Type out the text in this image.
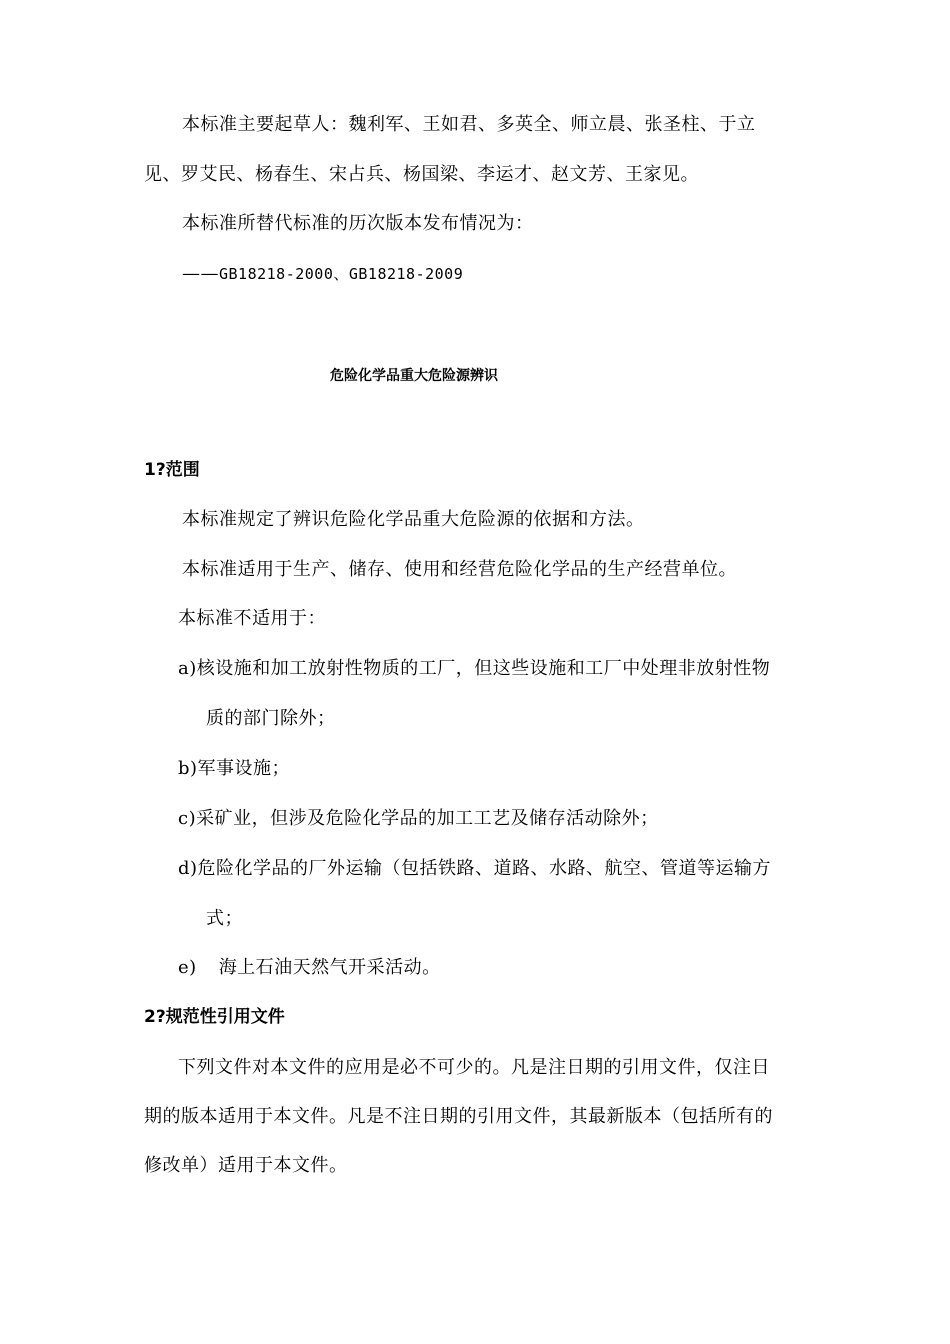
本标准主要起草人：魏利军、王如君、多英全、师立晨、张圣柱、于立
见、罗艾民、杨春生、宋占兵、杨国梁、李运才、赵文芳、王家见。
本标准所替代标准的历次版本发布情况为：
——GB18218-2000、GB18218-2009
危险化学品重大危险源辨识
1?范围
本标准规定了辨识危险化学品重大危险源的依据和方法。
本标准适用于生产、储存、使用和经营危险化学品的生产经营单位。
本标准不适用于：
a)核设施和加工放射性物质的工厂，但这些设施和工厂中处理非放射性物
质的部门除外；
b)军事设施；
c)采矿业，但涉及危险化学品的加工工艺及储存活动除外；
d)危险化学品的厂外运输（包括铁路、道路、水路、航空、管道等运输方
式；
e) 海上石油天然气开采活动。
2?规范性引用文件
下列文件对本文件的应用是必不可少的。凡是注日期的引用文件，仅注日
期的版本适用于本文件。凡是不注日期的引用文件，其最新版本（包括所有的
修改单）适用于本文件。
